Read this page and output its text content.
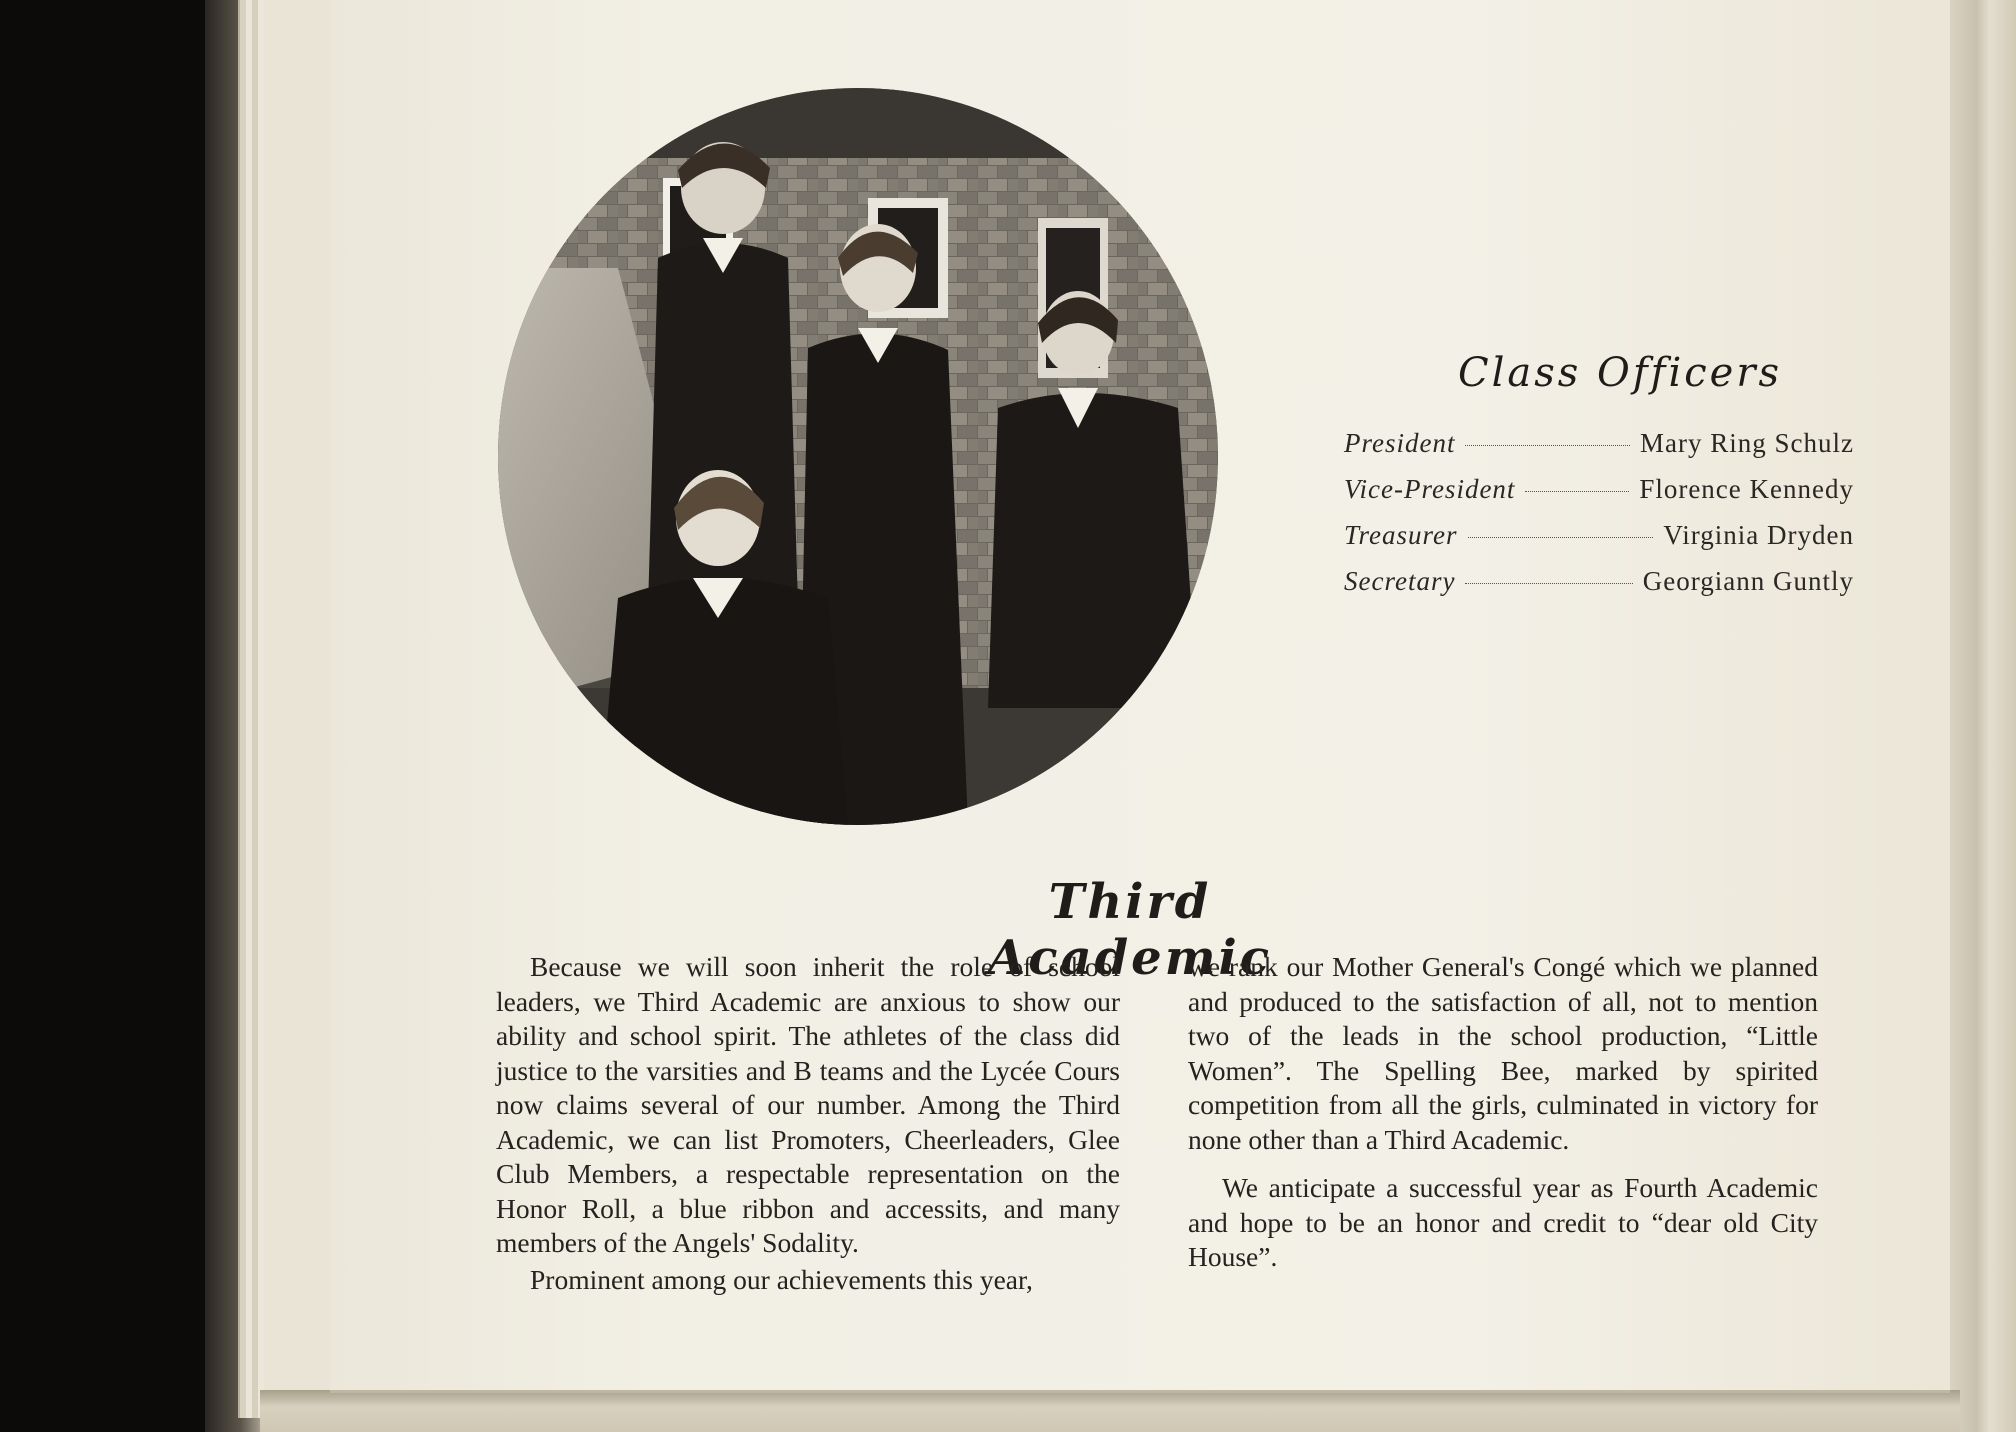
Class Officers
President	Mary Ring Schulz
Vice-President	Florence Kennedy
Treasurer	Virginia Dryden
Secretary	Georgiann Guntly
Third Academic

Because we will soon inherit the role of school leaders, we Third Academic are anxious to show our ability and school spirit. The athletes of the class did justice to the varsities and B teams and the Lycée Cours now claims several of our number. Among the Third Academic, we can list Promoters, Cheerleaders, Glee Club Members, a respectable representation on the Honor Roll, a blue ribbon and accessits, and many members of the Angels' Sodality.

Prominent among our achievements this year,

we rank our Mother General's Congé which we planned and produced to the satisfaction of all, not to mention two of the leads in the school production, “Little Women”. The Spelling Bee, marked by spirited competition from all the girls, culminated in victory for none other than a Third Academic.

We anticipate a successful year as Fourth Academic and hope to be an honor and credit to “dear old City House”.
